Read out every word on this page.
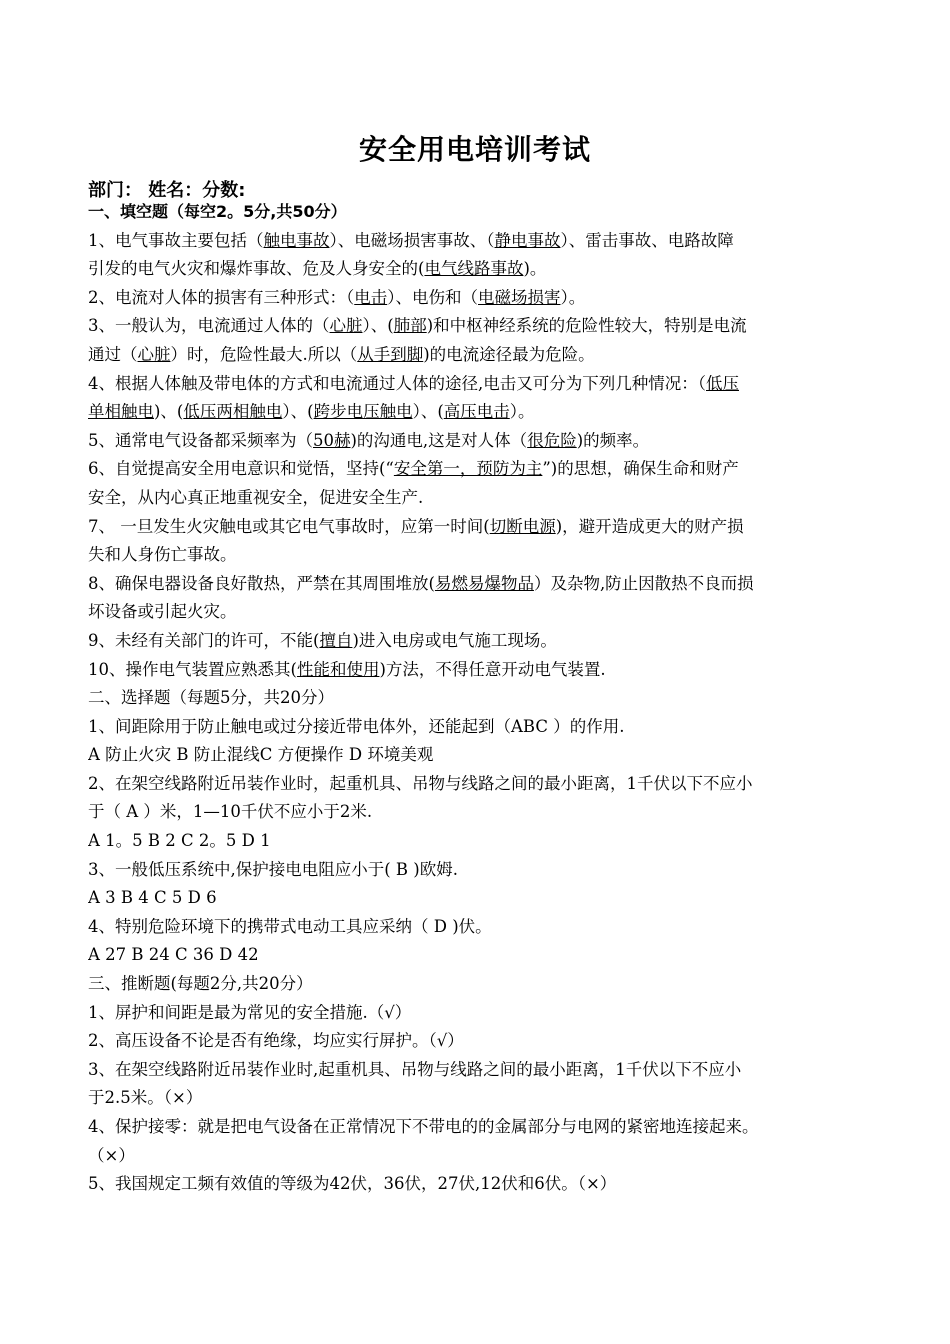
安全用电培训考试
部门： 姓名：分数:
一、填空题（每空2。5分,共50分）
1、电气事故主要包括（触电事故）、电磁场损害事故、（静电事故）、雷击事故、电路故障
引发的电气火灾和爆炸事故、危及人身安全的(电气线路事故)。
2、电流对人体的损害有三种形式：（电击）、电伤和（电磁场损害）。
3、一般认为，电流通过人体的（心脏）、(肺部)和中枢神经系统的危险性较大，特别是电流
通过（心脏）时，危险性最大.所以（从手到脚)的电流途径最为危险。
4、根据人体触及带电体的方式和电流通过人体的途径,电击又可分为下列几种情况：（低压
单相触电)、(低压两相触电）、(跨步电压触电）、(高压电击）。
5、通常电气设备都采频率为（50赫)的沟通电,这是对人体（很危险)的频率。
6、自觉提高安全用电意识和觉悟，坚持(“安全第一，预防为主”)的思想，确保生命和财产
安全，从内心真正地重视安全，促进安全生产.
7、 一旦发生火灾触电或其它电气事故时，应第一时间(切断电源)，避开造成更大的财产损
失和人身伤亡事故。
8、确保电器设备良好散热，严禁在其周围堆放(易燃易爆物品）及杂物,防止因散热不良而损
坏设备或引起火灾。
9、未经有关部门的许可，不能(擅自)进入电房或电气施工现场。
10、操作电气装置应熟悉其(性能和使用)方法，不得任意开动电气装置.
二、选择题（每题5分，共20分）
1、间距除用于防止触电或过分接近带电体外，还能起到（ABC ）的作用.
A 防止火灾 B 防止混线C 方便操作 D 环境美观
2、在架空线路附近吊装作业时，起重机具、吊物与线路之间的最小距离，1千伏以下不应小
于（ A ）米，1—10千伏不应小于2米.
A 1。5 B 2 C 2。5 D 1
3、一般低压系统中,保护接电电阻应小于( B )欧姆.
A 3 B 4 C 5 D 6
4、特别危险环境下的携带式电动工具应采纳（ D )伏。
A 27 B 24 C 36 D 42
三、推断题(每题2分,共20分）
1、屏护和间距是最为常见的安全措施.（√）
2、高压设备不论是否有绝缘，均应实行屏护。（√）
3、在架空线路附近吊装作业时,起重机具、吊物与线路之间的最小距离，1千伏以下不应小
于2.5米。（×）
4、保护接零：就是把电气设备在正常情况下不带电的的金属部分与电网的紧密地连接起来。
（×）
5、我国规定工频有效值的等级为42伏，36伏，27伏,12伏和6伏。（×）
